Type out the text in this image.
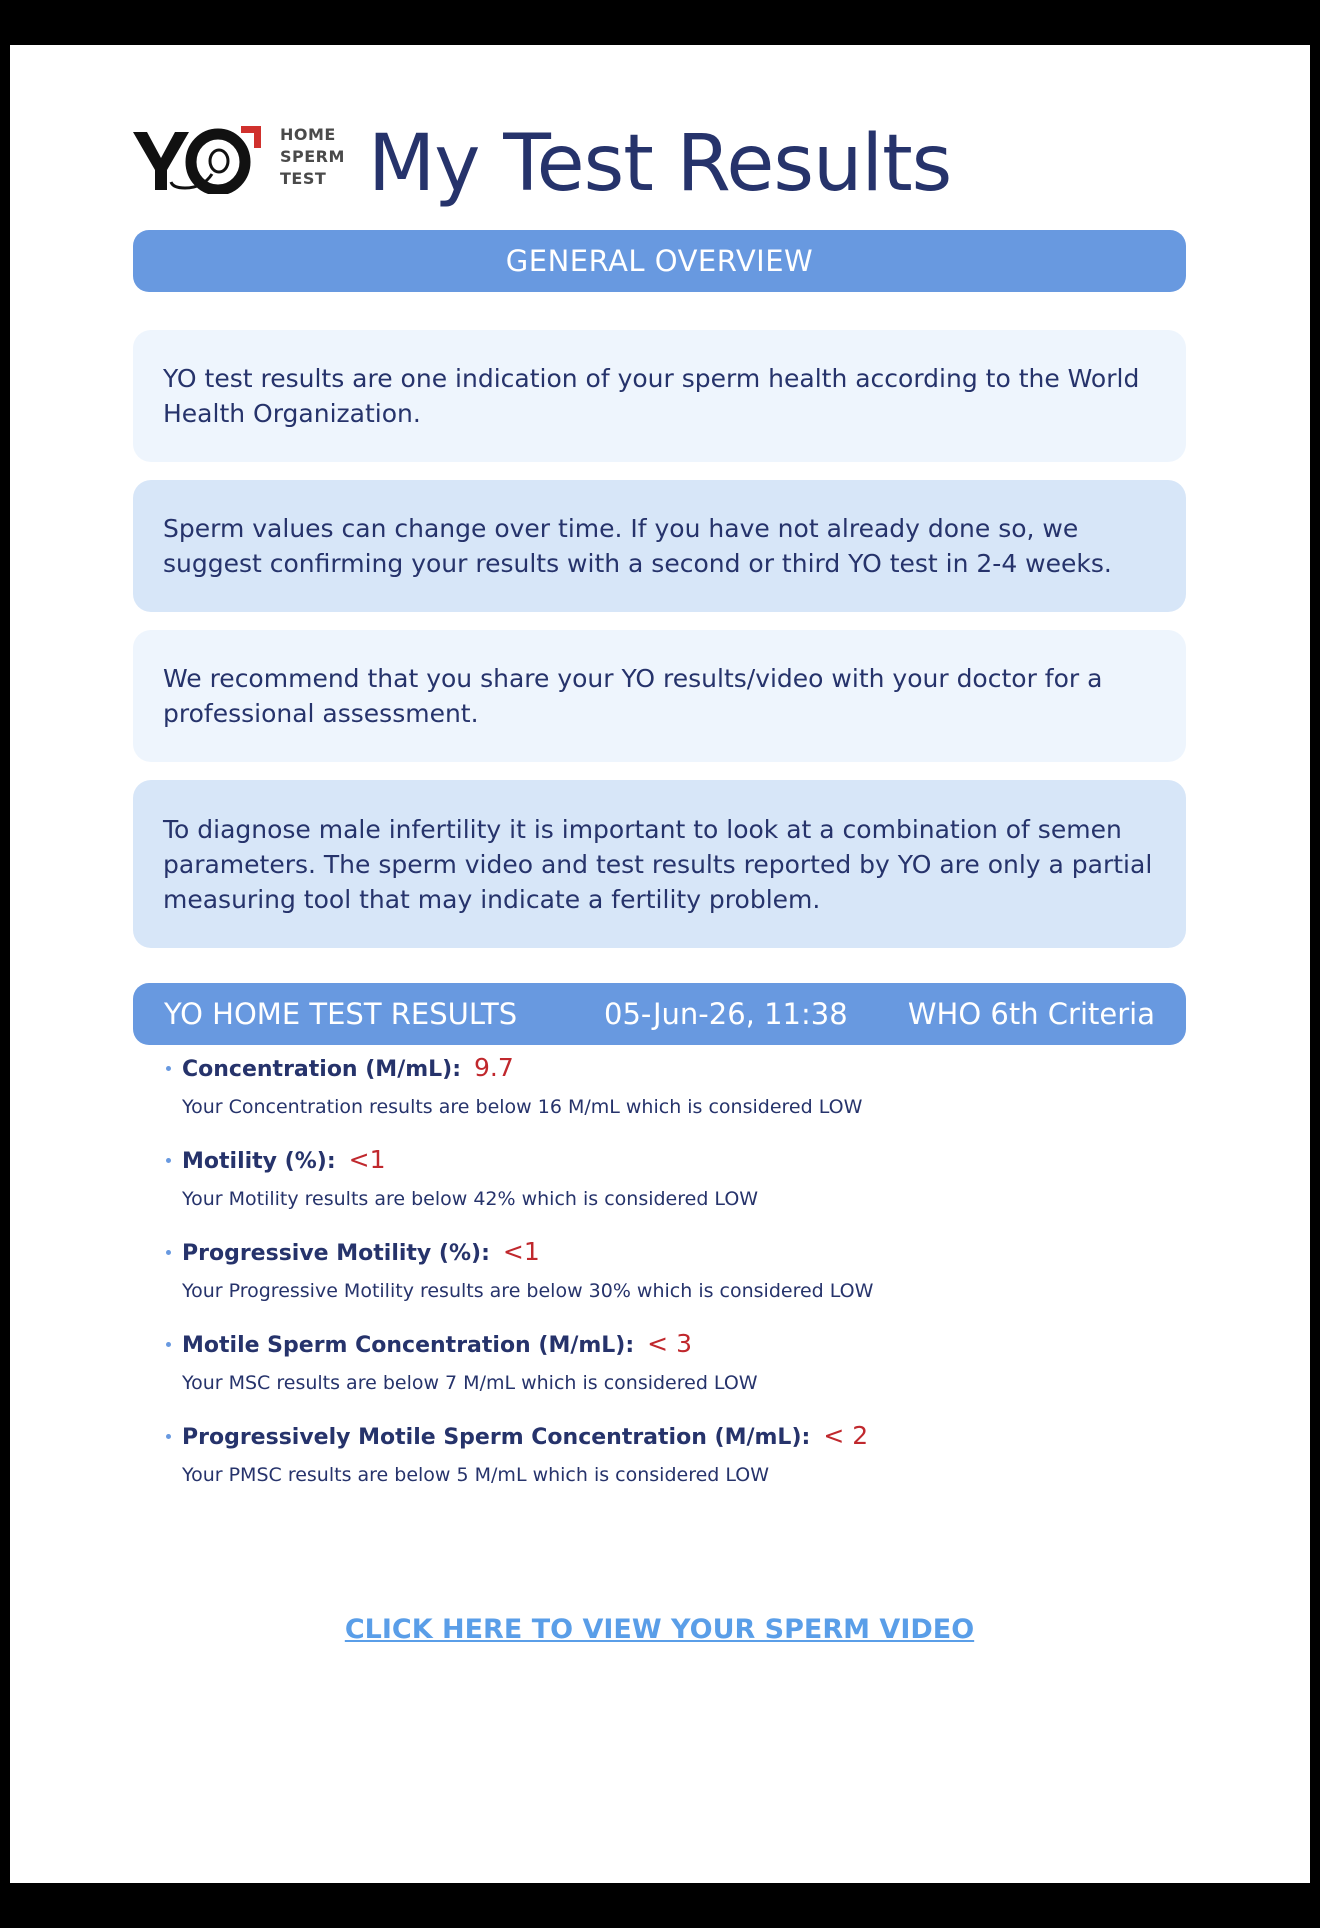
HOME
SPERM
TEST My Test Results
GENERAL OVERVIEW
YO test results are one indication of your sperm health according to the World Health Organization.
Sperm values can change over time. If you have not already done so, we suggest confirming your results with a second or third YO test in 2-4 weeks.
We recommend that you share your YO results/video with your doctor for a professional assessment.
To diagnose male infertility it is important to look at a combination of semen parameters. The sperm video and test results reported by YO are only a partial measuring tool that may indicate a fertility problem.
YO HOME TEST RESULTS	05-Jun-26, 11:38 WHO 6th Criteria
Concentration (M/mL): 9.7
Your Concentration results are below 16 M/mL which is considered LOW
Motility (%): <1
Your Motility results are below 42% which is considered LOW
Progressive Motility (%): <1
Your Progressive Motility results are below 30% which is considered LOW
Motile Sperm Concentration (M/mL): < 3
Your MSC results are below 7 M/mL which is considered LOW
Progressively Motile Sperm Concentration (M/mL): < 2
Your PMSC results are below 5 M/mL which is considered LOW
CLICK HERE TO VIEW YOUR SPERM VIDEO
